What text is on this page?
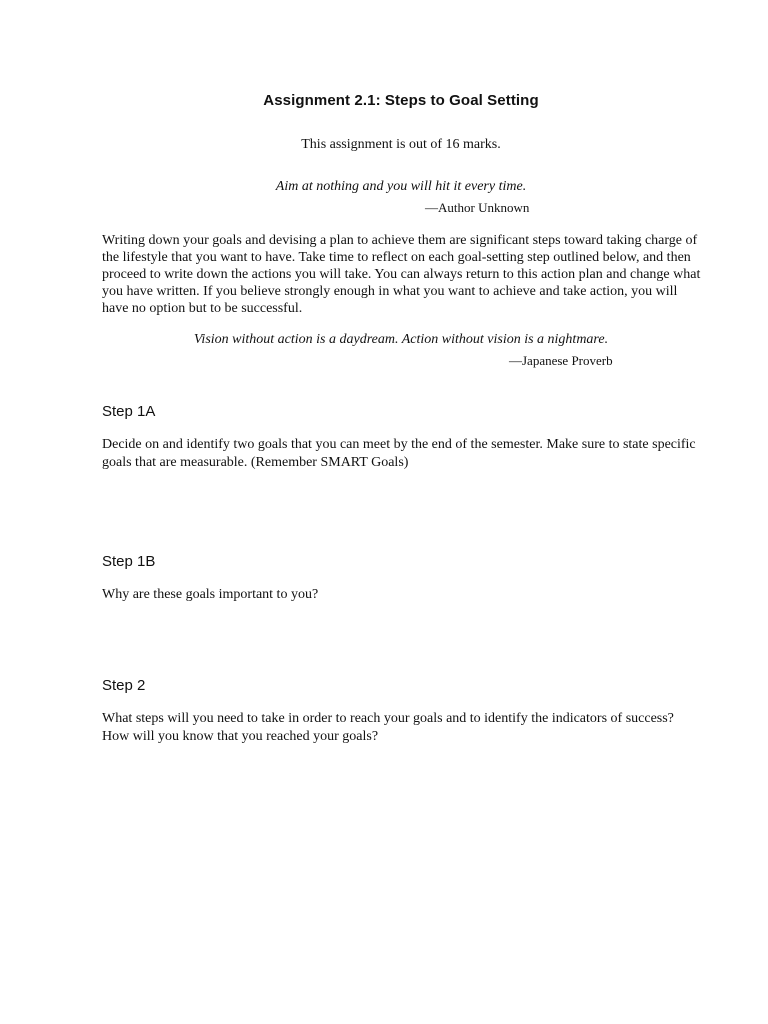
Assignment 2.1: Steps to Goal Setting
This assignment is out of 16 marks.
Aim at nothing and you will hit it every time.
—Author Unknown
Writing down your goals and devising a plan to achieve them are significant steps toward taking charge of the lifestyle that you want to have. Take time to reflect on each goal-setting step outlined below, and then proceed to write down the actions you will take. You can always return to this action plan and change what you have written. If you believe strongly enough in what you want to achieve and take action, you will have no option but to be successful.
Vision without action is a daydream. Action without vision is a nightmare.
—Japanese Proverb
Step 1A
Decide on and identify two goals that you can meet by the end of the semester. Make sure to state specific goals that are measurable. (Remember SMART Goals)
Step 1B
Why are these goals important to you?
Step 2
What steps will you need to take in order to reach your goals and to identify the indicators of success? How will you know that you reached your goals?
